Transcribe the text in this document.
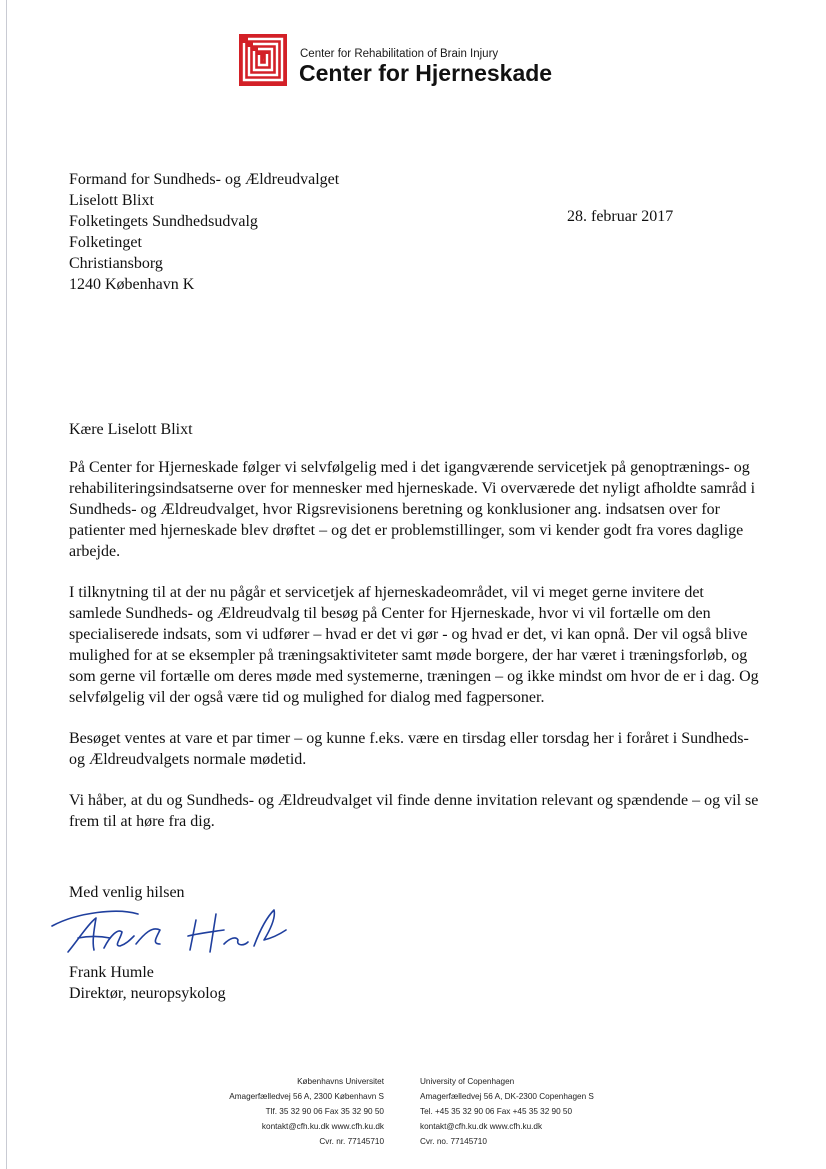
Center for Rehabilitation of Brain Injury
Center for Hjerneskade
Formand for Sundheds- og Ældreudvalget
Liselott Blixt
Folketingets Sundhedsudvalg
Folketinget
Christiansborg
1240 København K
28. februar 2017
Kære Liselott Blixt

På Center for Hjerneskade følger vi selvfølgelig med i det igangværende servicetjek på genoptrænings- og rehabiliteringsindsatserne over for mennesker med hjerneskade. Vi overværede det nyligt afholdte samråd i Sundheds- og Ældreudvalget, hvor Rigsrevisionens beretning og konklusioner ang. indsatsen over for patienter med hjerneskade blev drøftet – og det er problemstillinger, som vi kender godt fra vores daglige arbejde.

I tilknytning til at der nu pågår et servicetjek af hjerneskadeområdet, vil vi meget gerne invitere det samlede Sundheds- og Ældreudvalg til besøg på Center for Hjerneskade, hvor vi vil fortælle om den specialiserede indsats, som vi udfører – hvad er det vi gør - og hvad er det, vi kan opnå. Der vil også blive mulighed for at se eksempler på træningsaktiviteter samt møde borgere, der har været i træningsforløb, og som gerne vil fortælle om deres møde med systemerne, træningen – og ikke mindst om hvor de er i dag. Og selvfølgelig vil der også være tid og mulighed for dialog med fagpersoner.

Besøget ventes at vare et par timer – og kunne f.eks. være en tirsdag eller torsdag her i foråret i Sundheds- og Ældreudvalgets normale mødetid.

Vi håber, at du og Sundheds- og Ældreudvalget vil finde denne invitation relevant og spændende – og vil se frem til at høre fra dig.

Med venlig hilsen
Frank Humle
Direktør, neuropsykolog
Københavns Universitet
Amagerfælledvej 56 A, 2300 København S
Tlf. 35 32 90 06 Fax 35 32 90 50
kontakt@cfh.ku.dk www.cfh.ku.dk
Cvr. nr. 77145710
University of Copenhagen
Amagerfælledvej 56 A, DK-2300 Copenhagen S
Tel. +45 35 32 90 06 Fax +45 35 32 90 50
kontakt@cfh.ku.dk www.cfh.ku.dk
Cvr. no. 77145710
